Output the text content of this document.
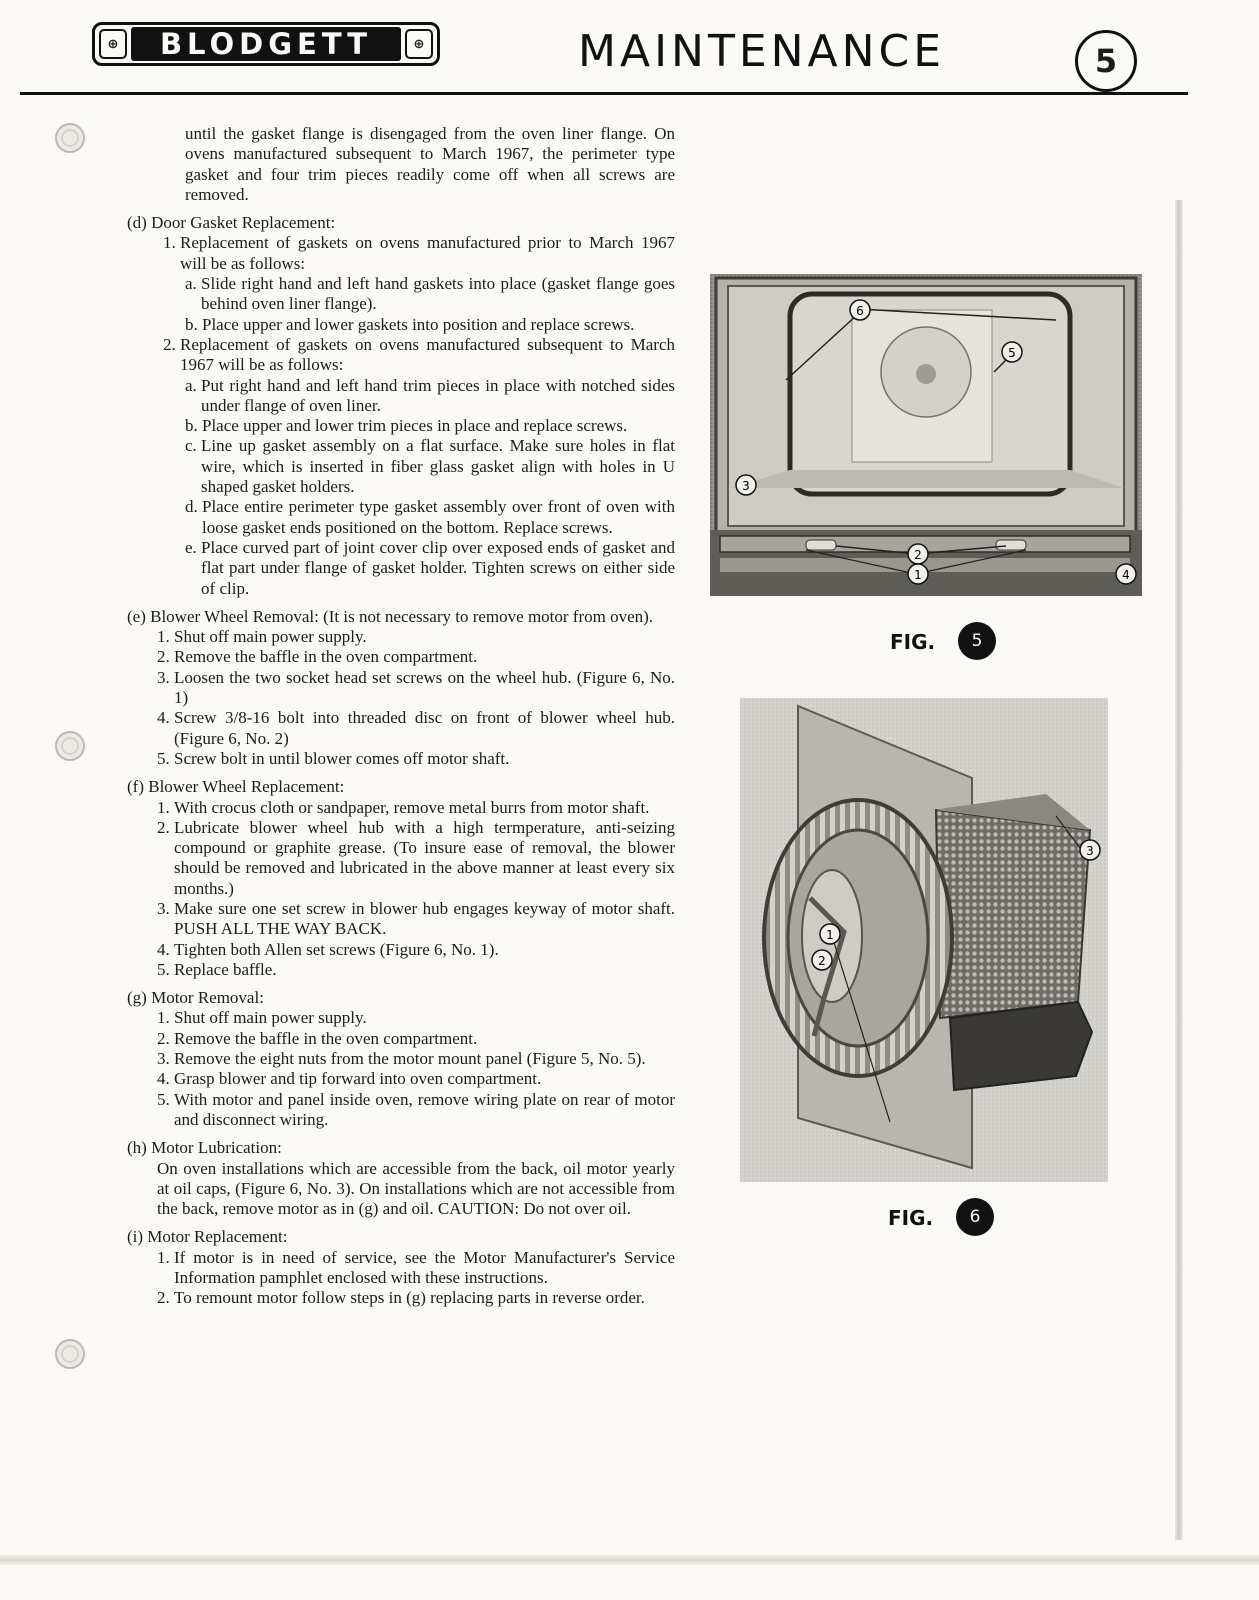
⊕	BLODGETT	⊕	MAINTENANCE	5

until the gasket flange is disengaged from the oven liner flange. On ovens manufactured subsequent to March 1967, the perimeter type gasket and four trim pieces readily come off when all screws are removed.

(d) Door Gasket Replacement:

1. Replacement of gaskets on ovens manufactured prior to March 1967 will be as follows:
a. Slide right hand and left hand gaskets into place (gasket flange goes behind oven liner flange).
b. Place upper and lower gaskets into position and replace screws.
2. Replacement of gaskets on ovens manufactured subsequent to March 1967 will be as follows:
a. Put right hand and left hand trim pieces in place with notched sides under flange of oven liner.
b. Place upper and lower trim pieces in place and replace screws.
c. Line up gasket assembly on a flat surface. Make sure holes in flat wire, which is inserted in fiber glass gasket align with holes in U shaped gasket holders.
d. Place entire perimeter type gasket assembly over front of oven with loose gasket ends positioned on the bottom. Replace screws.
e. Place curved part of joint cover clip over exposed ends of gasket and flat part under flange of gasket holder. Tighten screws on either side of clip.

(e) Blower Wheel Removal: (It is not necessary to remove motor from oven).

1. Shut off main power supply.
2. Remove the baffle in the oven compartment.
3. Loosen the two socket head set screws on the wheel hub. (Figure 6, No. 1)
4. Screw 3/8-16 bolt into threaded disc on front of blower wheel hub. (Figure 6, No. 2)
5. Screw bolt in until blower comes off motor shaft.

(f) Blower Wheel Replacement:

1. With crocus cloth or sandpaper, remove metal burrs from motor shaft.
2. Lubricate blower wheel hub with a high termperature, anti-seizing compound or graphite grease. (To insure ease of removal, the blower should be removed and lubricated in the above manner at least every six months.)
3. Make sure one set screw in blower hub engages keyway of motor shaft. PUSH ALL THE WAY BACK.
4. Tighten both Allen set screws (Figure 6, No. 1).
5. Replace baffle.

(g) Motor Removal:

1. Shut off main power supply.
2. Remove the baffle in the oven compartment.
3. Remove the eight nuts from the motor mount panel (Figure 5, No. 5).
4. Grasp blower and tip forward into oven compartment.
5. With motor and panel inside oven, remove wiring plate on rear of motor and disconnect wiring.

(h) Motor Lubrication:

On oven installations which are accessible from the back, oil motor yearly at oil caps, (Figure 6, No. 3). On installations which are not accessible from the back, remove motor as in (g) and oil. CAUTION: Do not over oil.

(i) Motor Replacement:

1. If motor is in need of service, see the Motor Manufacturer's Service Information pamphlet enclosed with these instructions.
2. To remount motor follow steps in (g) replacing parts in reverse order.
6
5
3
2
1	4
FIG.	5
1
2
3
FIG.	6
